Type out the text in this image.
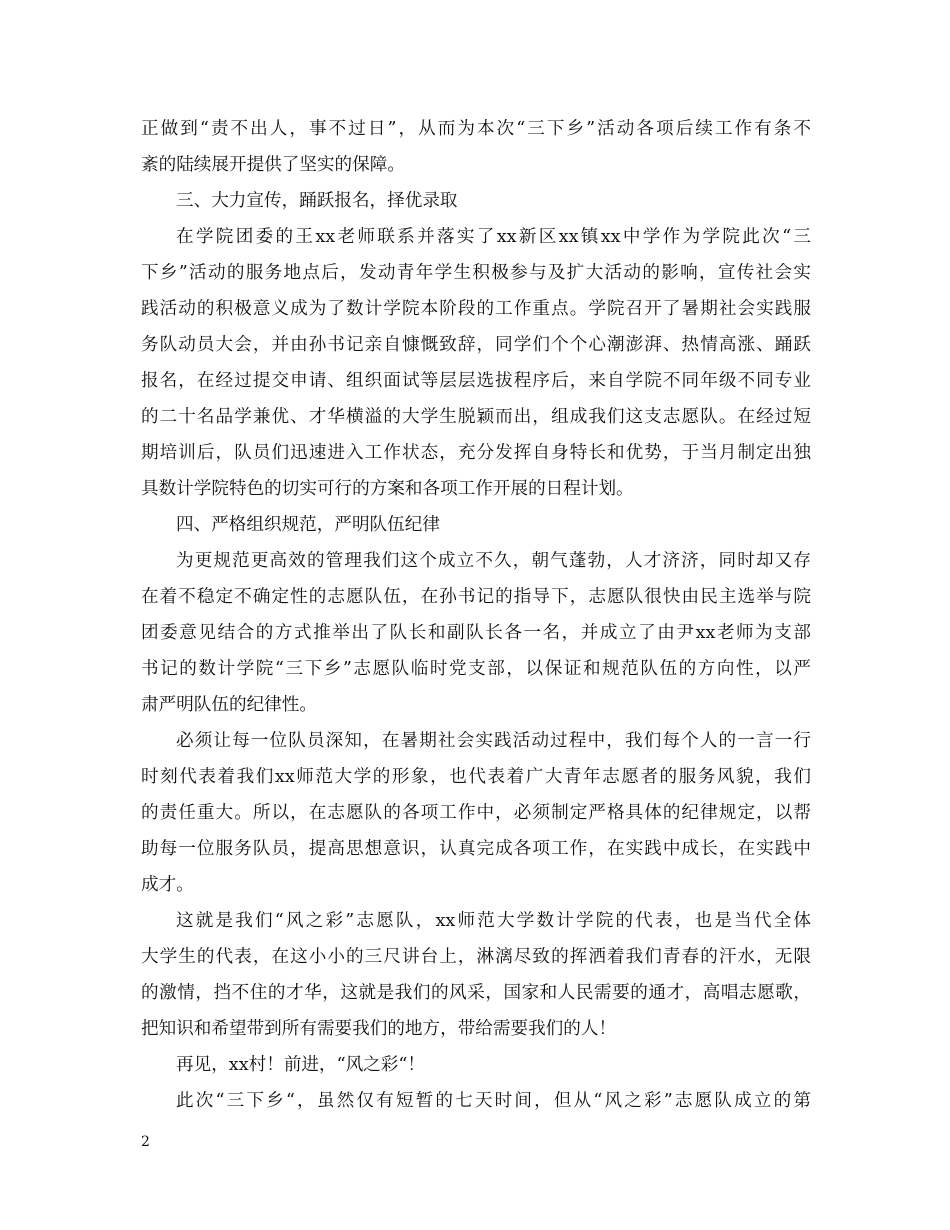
正做到“责不出人，事不过日”，从而为本次“三下乡”活动各项后续工作有条不
紊的陆续展开提供了坚实的保障。
三、大力宣传，踊跃报名，择优录取
在学院团委的王xx老师联系并落实了xx新区xx镇xx中学作为学院此次“三
下乡”活动的服务地点后，发动青年学生积极参与及扩大活动的影响，宣传社会实
践活动的积极意义成为了数计学院本阶段的工作重点。学院召开了暑期社会实践服
务队动员大会，并由孙书记亲自慷慨致辞，同学们个个心潮澎湃、热情高涨、踊跃
报名，在经过提交申请、组织面试等层层选拔程序后，来自学院不同年级不同专业
的二十名品学兼优、才华横溢的大学生脱颖而出，组成我们这支志愿队。在经过短
期培训后，队员们迅速进入工作状态，充分发挥自身特长和优势，于当月制定出独
具数计学院特色的切实可行的方案和各项工作开展的日程计划。
四、严格组织规范，严明队伍纪律
为更规范更高效的管理我们这个成立不久，朝气蓬勃，人才济济，同时却又存
在着不稳定不确定性的志愿队伍，在孙书记的指导下，志愿队很快由民主选举与院
团委意见结合的方式推举出了队长和副队长各一名，并成立了由尹xx老师为支部
书记的数计学院“三下乡”志愿队临时党支部，以保证和规范队伍的方向性，以严
肃严明队伍的纪律性。
必须让每一位队员深知，在暑期社会实践活动过程中，我们每个人的一言一行
时刻代表着我们xx师范大学的形象，也代表着广大青年志愿者的服务风貌，我们
的责任重大。所以，在志愿队的各项工作中，必须制定严格具体的纪律规定，以帮
助每一位服务队员，提高思想意识，认真完成各项工作，在实践中成长，在实践中
成才。
这就是我们“风之彩”志愿队，xx师范大学数计学院的代表，也是当代全体
大学生的代表，在这小小的三尺讲台上，淋漓尽致的挥洒着我们青春的汗水，无限
的激情，挡不住的才华，这就是我们的风采，国家和人民需要的通才，高唱志愿歌，
把知识和希望带到所有需要我们的地方，带给需要我们的人！
再见，xx村！前进，“风之彩“！
此次“三下乡“，虽然仅有短暂的七天时间，但从“风之彩”志愿队成立的第
2
